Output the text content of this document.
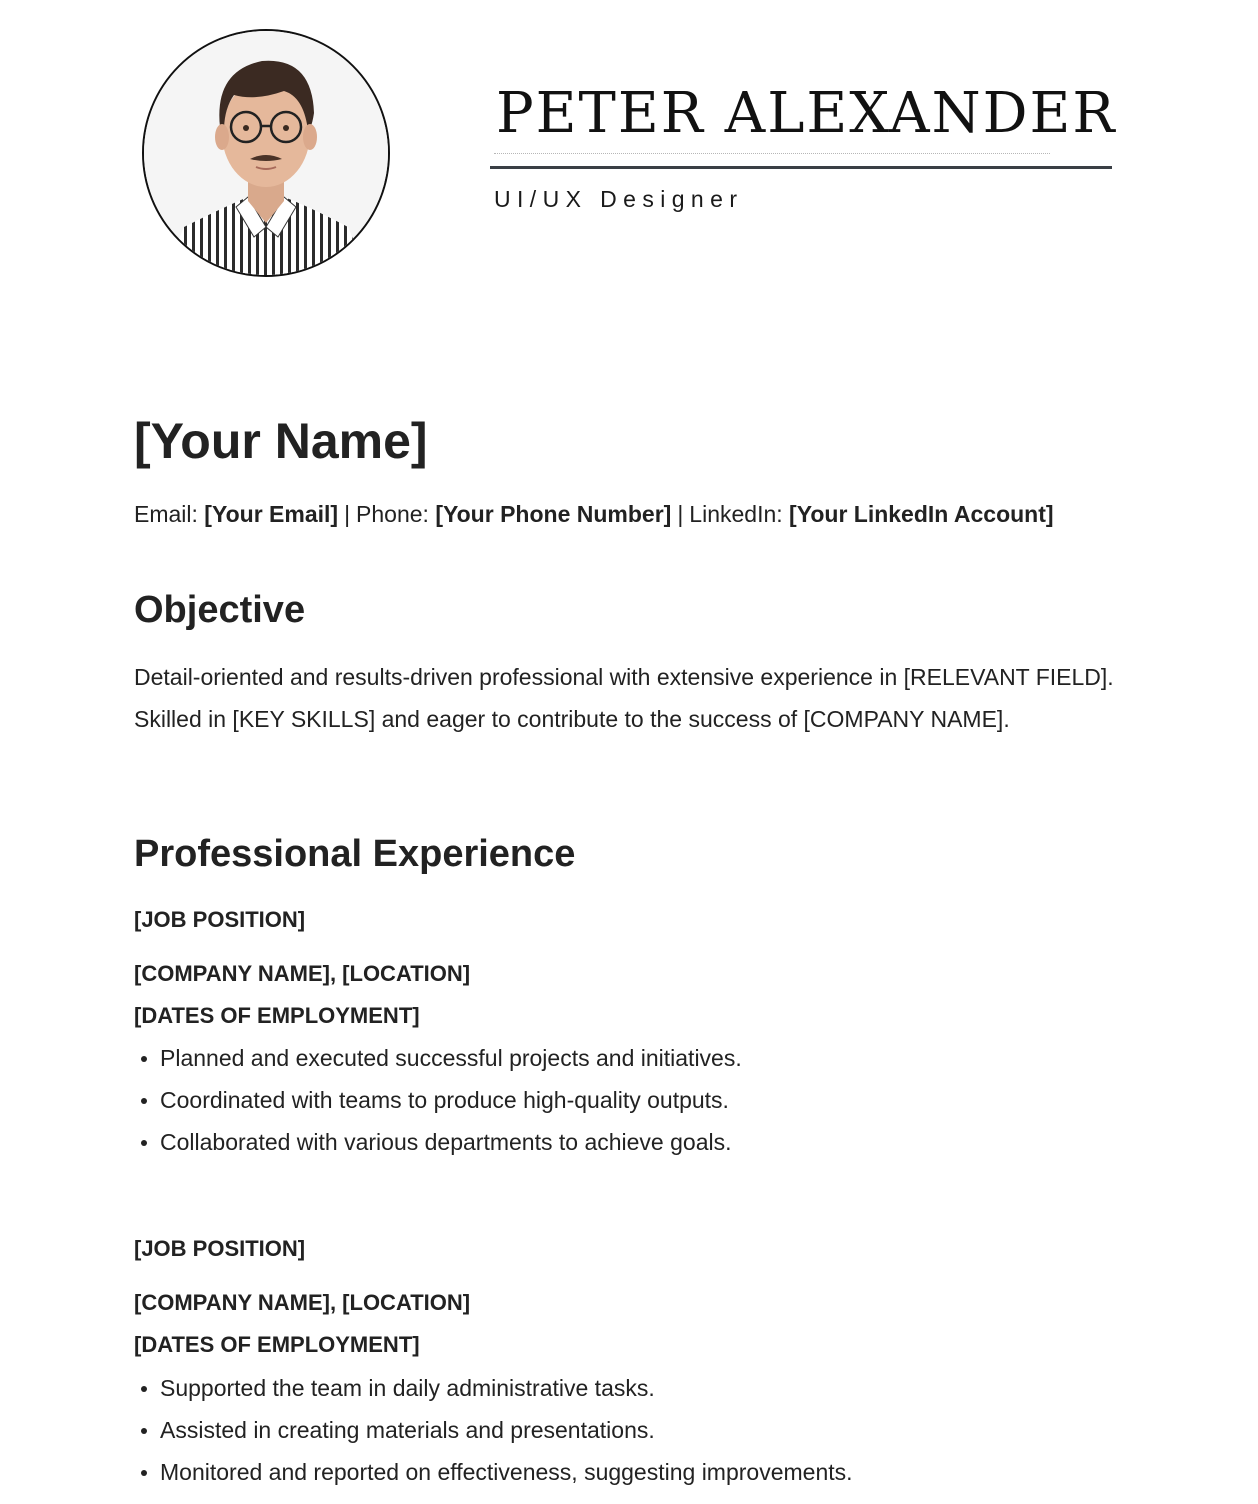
PETER ALEXANDER
UI/UX Designer
[Your Name]
Email: [Your Email] | Phone: [Your Phone Number] | LinkedIn: [Your LinkedIn Account]
Objective

Detail-oriented and results-driven professional with extensive experience in [RELEVANT FIELD]. Skilled in [KEY SKILLS] and eager to contribute to the success of [COMPANY NAME].

Professional Experience
[JOB POSITION]
[COMPANY NAME], [LOCATION]
[DATES OF EMPLOYMENT]
Planned and executed successful projects and initiatives.
Coordinated with teams to produce high-quality outputs.
Collaborated with various departments to achieve goals.
[JOB POSITION]
[COMPANY NAME], [LOCATION]
[DATES OF EMPLOYMENT]
Supported the team in daily administrative tasks.
Assisted in creating materials and presentations.
Monitored and reported on effectiveness, suggesting improvements.
